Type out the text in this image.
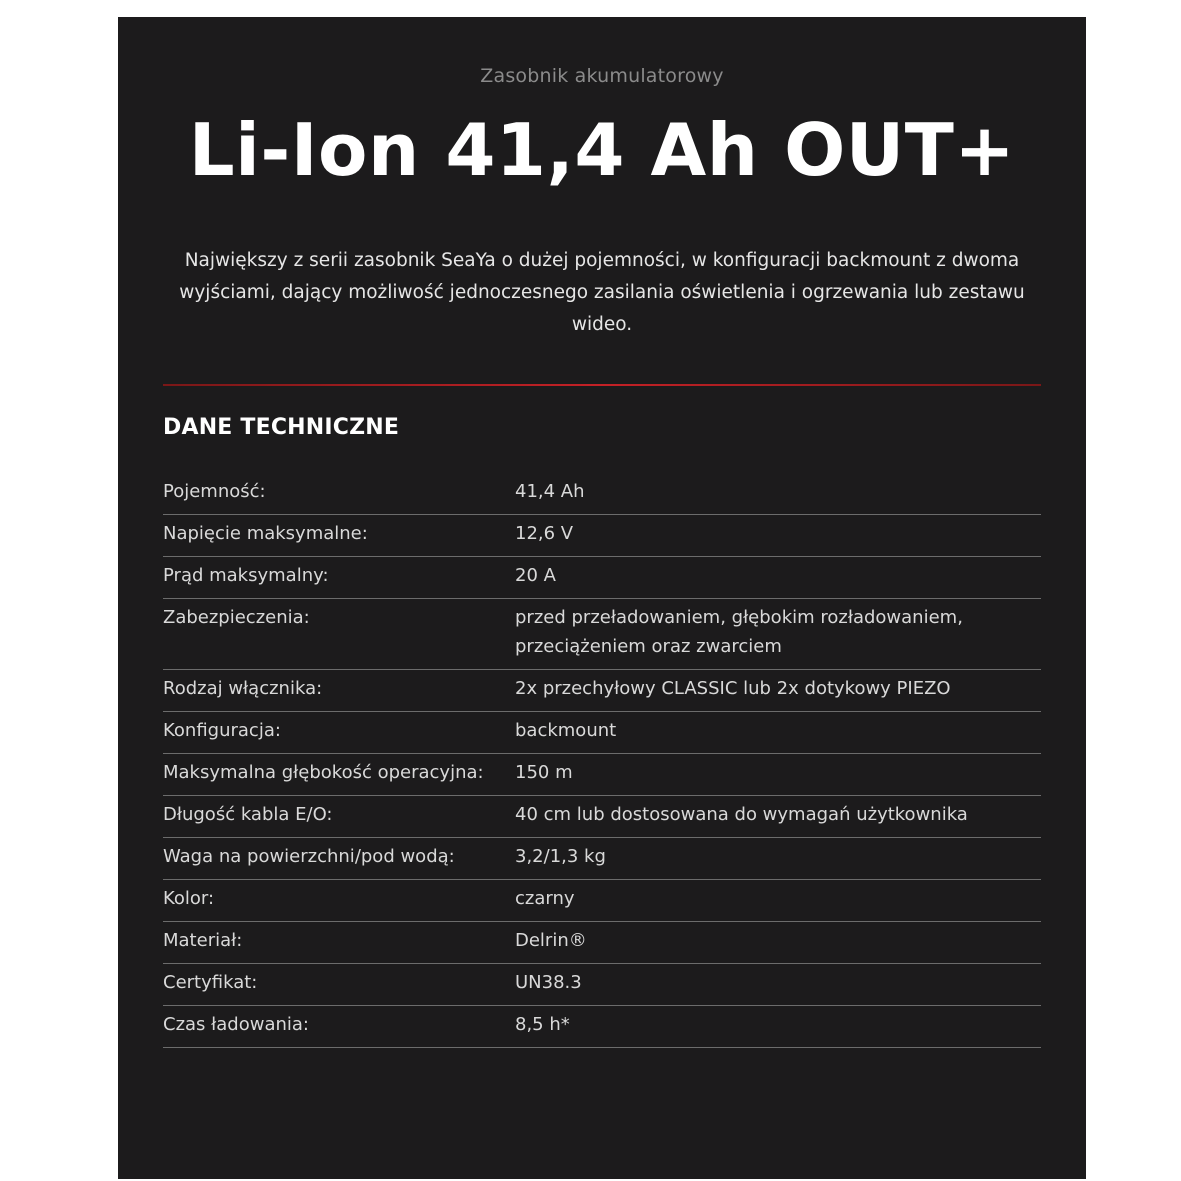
Zasobnik akumulatorowy
Li-Ion 41,4 Ah OUT+
Największy z serii zasobnik SeaYa o dużej pojemności, w konfiguracji backmount z dwoma wyjściami, dający możliwość jednoczesnego zasilania oświetlenia i ogrzewania lub zestawu wideo.
DANE TECHNICZNE
Pojemność:	41,4 Ah
Napięcie maksymalne:	12,6 V
Prąd maksymalny:	20 A
Zabezpieczenia:	przed przeładowaniem, głębokim rozładowaniem, przeciążeniem oraz zwarciem
Rodzaj włącznika:	2x przechyłowy CLASSIC lub 2x dotykowy PIEZO
Konfiguracja:	backmount
Maksymalna głębokość operacyjna:	150 m
Długość kabla E/O:	40 cm lub dostosowana do wymagań użytkownika
Waga na powierzchni/pod wodą:	3,2/1,3 kg
Kolor:	czarny
Materiał:	Delrin®
Certyfikat:	UN38.3
Czas ładowania:	8,5 h*
